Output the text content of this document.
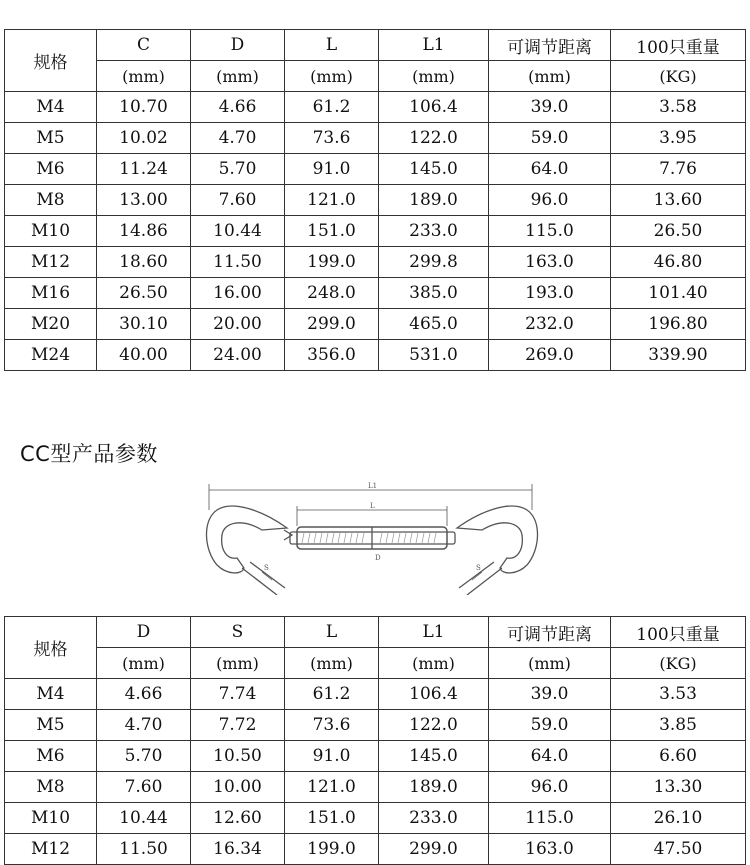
规格	C	D	L	L1	可调节距离	100只重量
	(mm)	(mm)	(mm)	(mm)	(mm)	(KG)
M4	10.70	4.66	61.2	106.4	39.0	3.58
M5	10.02	4.70	73.6	122.0	59.0	3.95
M6	11.24	5.70	91.0	145.0	64.0	7.76
M8	13.00	7.60	121.0	189.0	96.0	13.60
M10	14.86	10.44	151.0	233.0	115.0	26.50
M12	18.60	11.50	199.0	299.8	163.0	46.80
M16	26.50	16.00	248.0	385.0	193.0	101.40
M20	30.10	20.00	299.0	465.0	232.0	196.80
M24	40.00	24.00	356.0	531.0	269.0	339.90
CC型产品参数
L1
L
D
S	S
规格	D	S	L	L1	可调节距离	100只重量
	(mm)	(mm)	(mm)	(mm)	(mm)	(KG)
M4	4.66	7.74	61.2	106.4	39.0	3.53
M5	4.70	7.72	73.6	122.0	59.0	3.85
M6	5.70	10.50	91.0	145.0	64.0	6.60
M8	7.60	10.00	121.0	189.0	96.0	13.30
M10	10.44	12.60	151.0	233.0	115.0	26.10
M12	11.50	16.34	199.0	299.0	163.0	47.50
